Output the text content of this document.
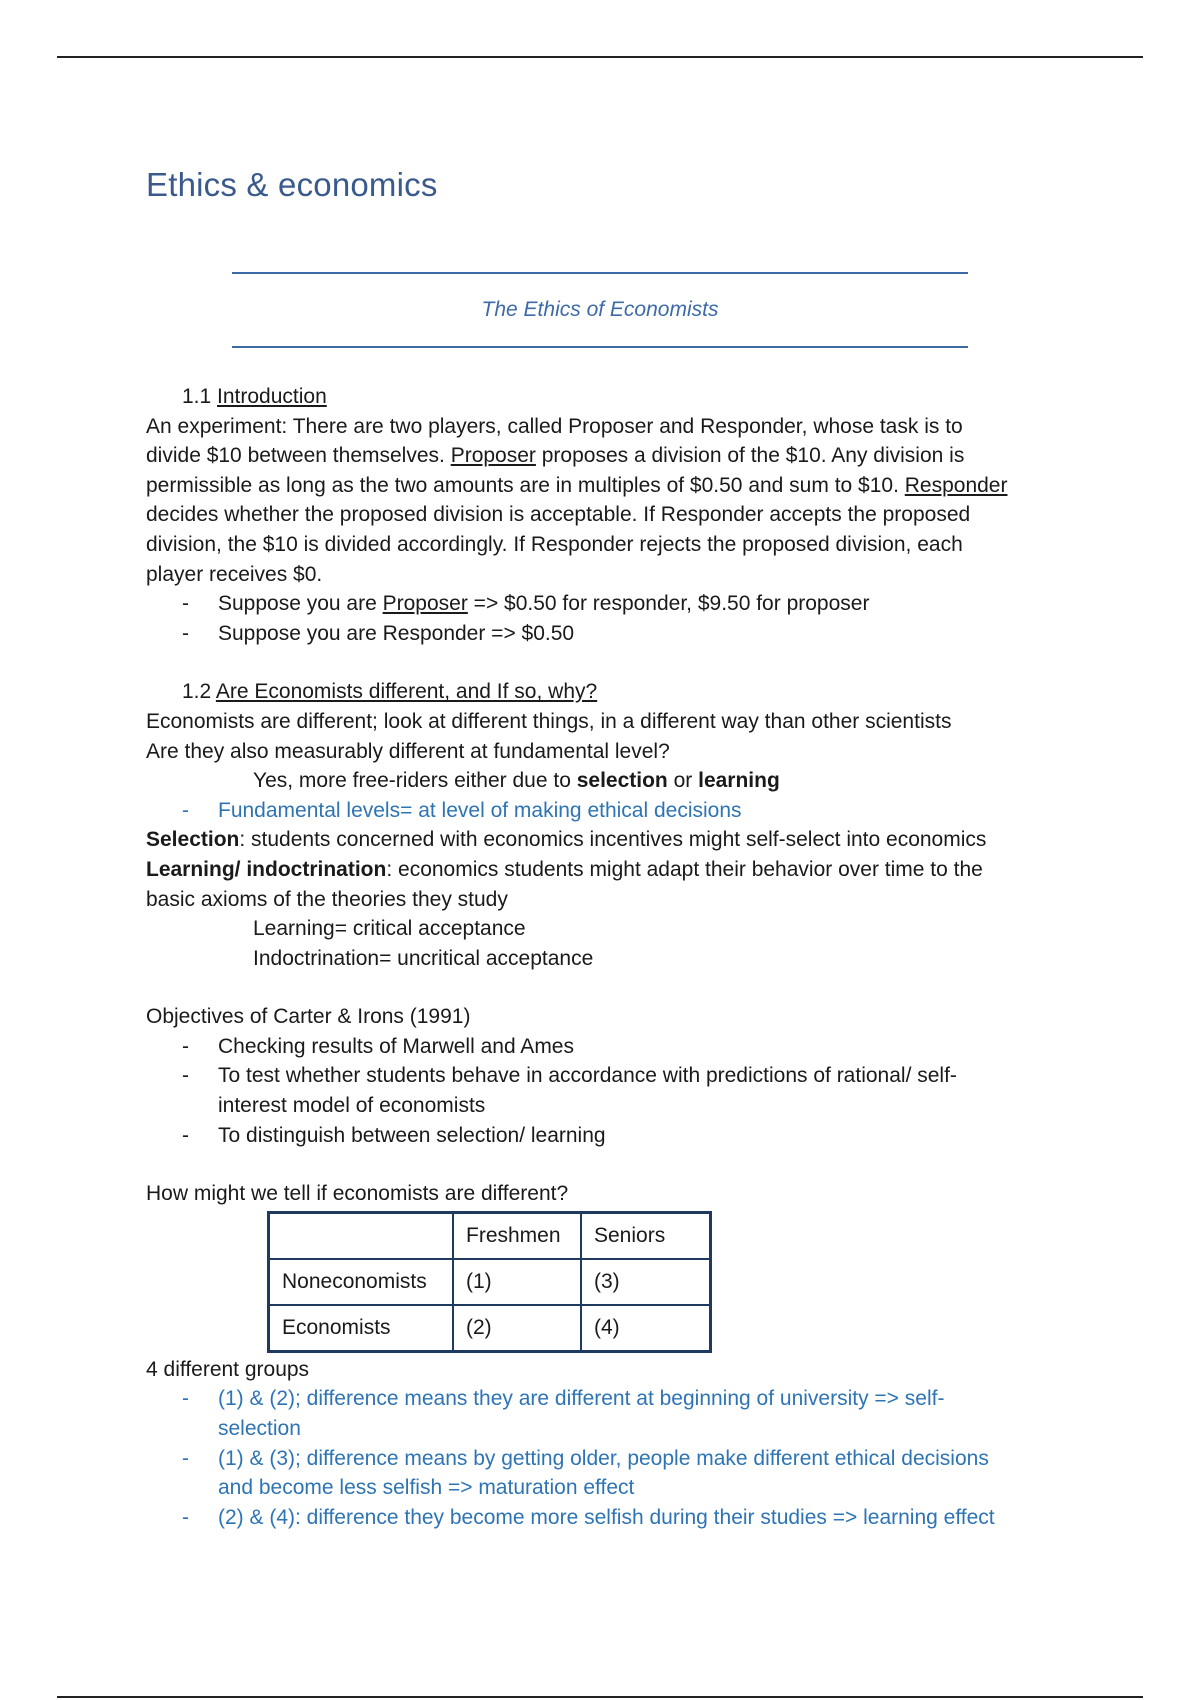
Ethics & economics
The Ethics of Economists
1.1 Introduction
An experiment: There are two players, called Proposer and Responder, whose task is to
divide $10 between themselves. Proposer proposes a division of the $10. Any division is
permissible as long as the two amounts are in multiples of $0.50 and sum to $10. Responder
decides whether the proposed division is acceptable. If Responder accepts the proposed
division, the $10 is divided accordingly. If Responder rejects the proposed division, each
player receives $0.
-	Suppose you are Proposer => $0.50 for responder, $9.50 for proposer
-	Suppose you are Responder => $0.50
1.2 Are Economists different, and If so, why?
Economists are different; look at different things, in a different way than other scientists
Are they also measurably different at fundamental level?
Yes, more free-riders either due to selection or learning
-	Fundamental levels= at level of making ethical decisions
Selection: students concerned with economics incentives might self-select into economics
Learning/ indoctrination: economics students might adapt their behavior over time to the
basic axioms of the theories they study
Learning= critical acceptance
Indoctrination= uncritical acceptance
Objectives of Carter & Irons (1991)
-	Checking results of Marwell and Ames
-	To test whether students behave in accordance with predictions of rational/ self-
interest model of economists
-	To distinguish between selection/ learning
How might we tell if economists are different?
	Freshmen	Seniors
Noneconomists	(1)	(3)
Economists	(2)	(4)
4 different groups
-	(1) & (2); difference means they are different at beginning of university => self-
selection
-	(1) & (3); difference means by getting older, people make different ethical decisions
and become less selfish => maturation effect
-	(2) & (4): difference they become more selfish during their studies => learning effect
